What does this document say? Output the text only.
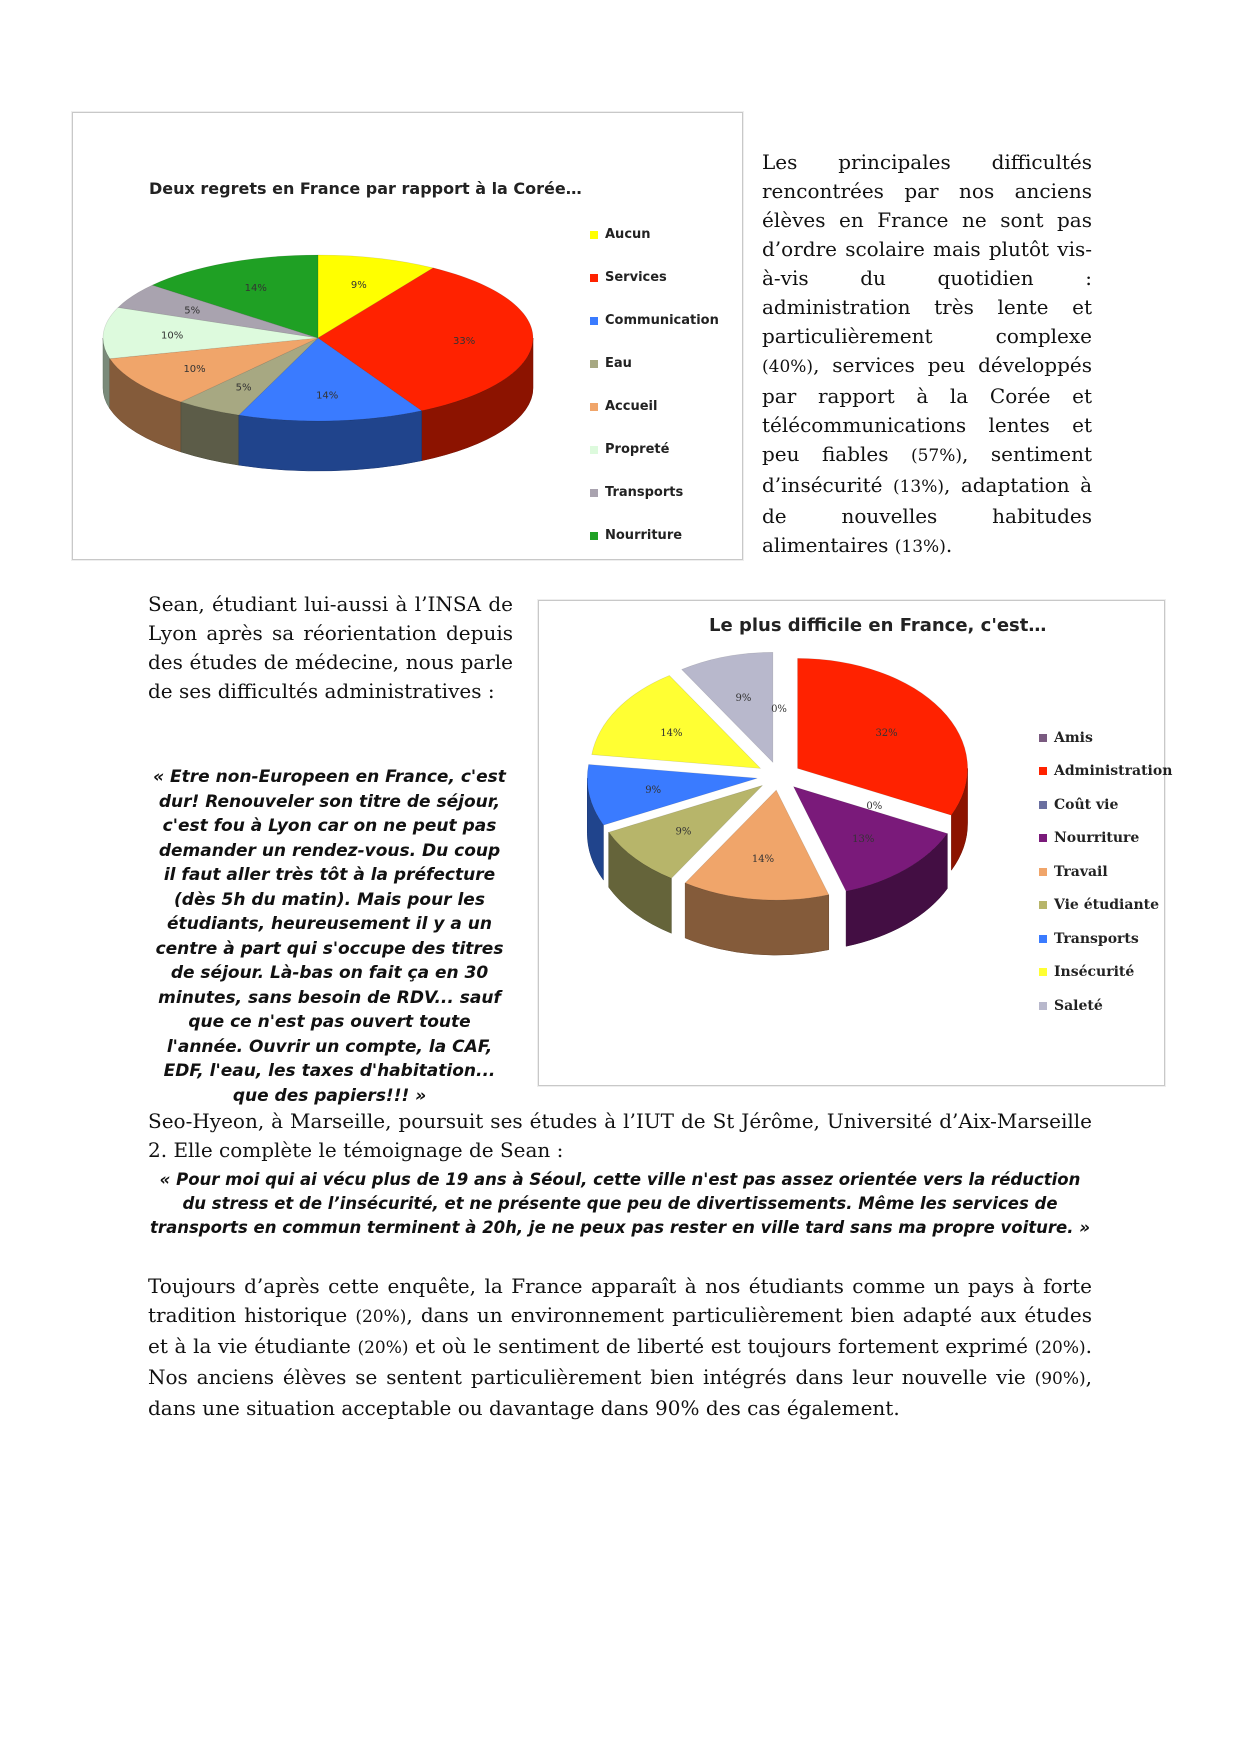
Deux regrets en France par rapport à la Corée…
9%
33%
14%
5%
10%
10%
5%
14%
Aucun
Services
Communication
Eau
Accueil
Propreté
Transports
Nourriture
Les principales difficultés rencontrées par nos anciens élèves en France ne sont pas d’ordre scolaire mais plutôt vis-à-vis du quotidien : administration très lente et particulièrement complexe (40%), services peu développés par rapport à la Corée et télécommunications lentes et peu fiables (57%), sentiment d’insécurité (13%), adaptation à de nouvelles habitudes alimentaires (13%).
Sean, étudiant lui-aussi à l’INSA de Lyon après sa réorientation depuis des études de médecine, nous parle de ses difficultés administratives :
« Etre non-Europeen en France, c'est dur! Renouveler son titre de séjour, c'est fou à Lyon car on ne peut pas demander un rendez-vous. Du coup il faut aller très tôt à la préfecture (dès 5h du matin). Mais pour les étudiants, heureusement il y a un centre à part qui s'occupe des titres de séjour. Là-bas on fait ça en 30 minutes, sans besoin de RDV... sauf que ce n'est pas ouvert toute l'année. Ouvrir un compte, la CAF, EDF, l'eau, les taxes d'habitation... que des papiers!!! »
Le plus difficile en France, c'est…
0%
32%
0%
13%
14%
9%
9%
14%
9%
Amis
Administration
Coût vie
Nourriture
Travail
Vie étudiante
Transports
Insécurité
Saleté
Seo-Hyeon, à Marseille, poursuit ses études à l’IUT de St Jérôme, Université d’Aix-Marseille 2. Elle complète le témoignage de Sean :
« Pour moi qui ai vécu plus de 19 ans à Séoul, cette ville n'est pas assez orientée vers la réduction du stress et de l’insécurité, et ne présente que peu de divertissements. Même les services de transports en commun terminent à 20h, je ne peux pas rester en ville tard sans ma propre voiture. »
Toujours d’après cette enquête, la France apparaît à nos étudiants comme un pays à forte tradition historique (20%), dans un environnement particulièrement bien adapté aux études et à la vie étudiante (20%) et où le sentiment de liberté est toujours fortement exprimé (20%). Nos anciens élèves se sentent particulièrement bien intégrés dans leur nouvelle vie (90%), dans une situation acceptable ou davantage dans 90% des cas également.
